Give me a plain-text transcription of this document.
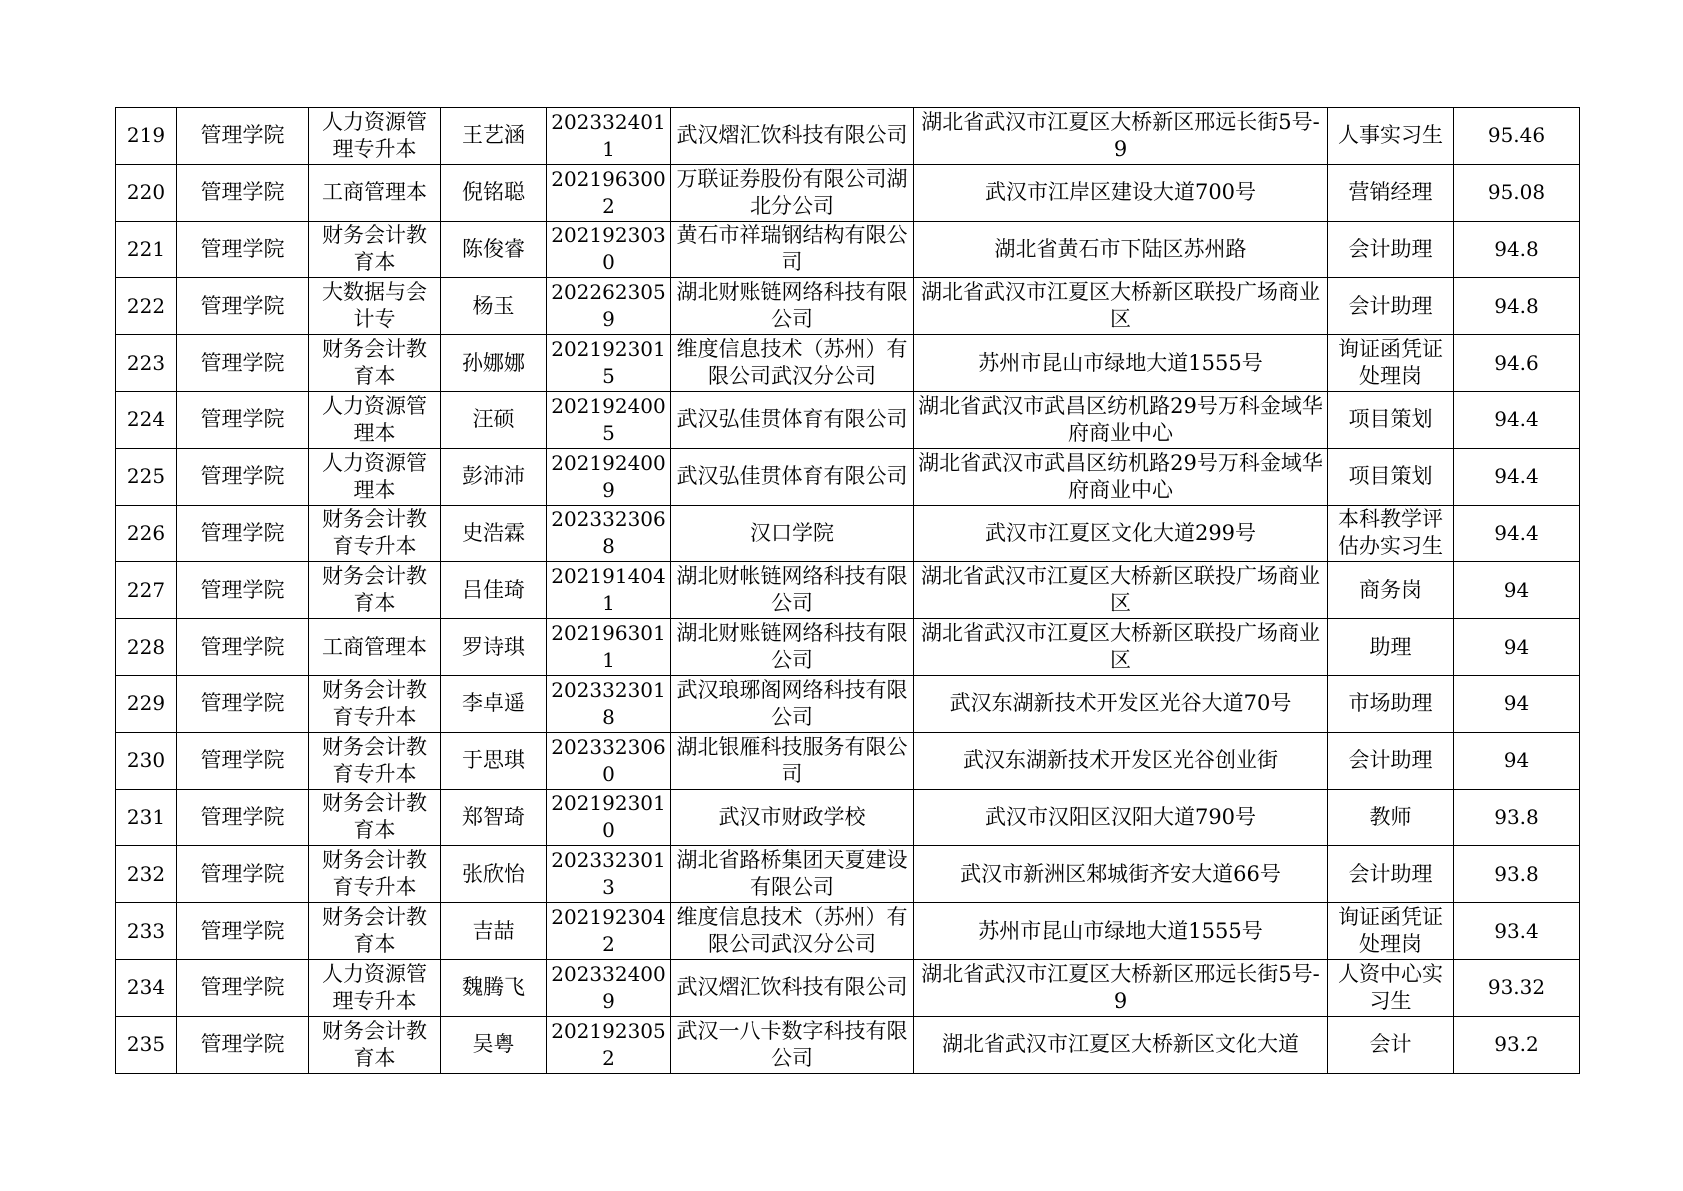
219	管理学院	人力资源管理专升本	王艺涵	2023324011	武汉熠汇饮科技有限公司	湖北省武汉市江夏区大桥新区邢远长街5号-9	人事实习生	95.46
220	管理学院	工商管理本	倪铭聪	2021963002	万联证券股份有限公司湖北分公司	武汉市江岸区建设大道700号	营销经理	95.08
221	管理学院	财务会计教育本	陈俊睿	2021923030	黄石市祥瑞钢结构有限公司	湖北省黄石市下陆区苏州路	会计助理	94.8
222	管理学院	大数据与会计专	杨玉	2022623059	湖北财账链网络科技有限公司	湖北省武汉市江夏区大桥新区联投广场商业区	会计助理	94.8
223	管理学院	财务会计教育本	孙娜娜	2021923015	维度信息技术（苏州）有限公司武汉分公司	苏州市昆山市绿地大道1555号	询证函凭证处理岗	94.6
224	管理学院	人力资源管理本	汪硕	2021924005	武汉弘佳贯体育有限公司	湖北省武汉市武昌区纺机路29号万科金域华府商业中心	项目策划	94.4
225	管理学院	人力资源管理本	彭沛沛	2021924009	武汉弘佳贯体育有限公司	湖北省武汉市武昌区纺机路29号万科金域华府商业中心	项目策划	94.4
226	管理学院	财务会计教育专升本	史浩霖	2023323068	汉口学院	武汉市江夏区文化大道299号	本科教学评估办实习生	94.4
227	管理学院	财务会计教育本	吕佳琦	2021914041	湖北财帐链网络科技有限公司	湖北省武汉市江夏区大桥新区联投广场商业区	商务岗	94
228	管理学院	工商管理本	罗诗琪	2021963011	湖北财账链网络科技有限公司	湖北省武汉市江夏区大桥新区联投广场商业区	助理	94
229	管理学院	财务会计教育专升本	李卓遥	2023323018	武汉琅琊阁网络科技有限公司	武汉东湖新技术开发区光谷大道70号	市场助理	94
230	管理学院	财务会计教育专升本	于思琪	2023323060	湖北银雁科技服务有限公司	武汉东湖新技术开发区光谷创业街	会计助理	94
231	管理学院	财务会计教育本	郑智琦	2021923010	武汉市财政学校	武汉市汉阳区汉阳大道790号	教师	93.8
232	管理学院	财务会计教育专升本	张欣怡	2023323013	湖北省路桥集团天夏建设有限公司	武汉市新洲区邾城街齐安大道66号	会计助理	93.8
233	管理学院	财务会计教育本	吉喆	2021923042	维度信息技术（苏州）有限公司武汉分公司	苏州市昆山市绿地大道1555号	询证函凭证处理岗	93.4
234	管理学院	人力资源管理专升本	魏腾飞	2023324009	武汉熠汇饮科技有限公司	湖北省武汉市江夏区大桥新区邢远长街5号-9	人资中心实习生	93.32
235	管理学院	财务会计教育本	吴粤	2021923052	武汉一八卡数字科技有限公司	湖北省武汉市江夏区大桥新区文化大道	会计	93.2
